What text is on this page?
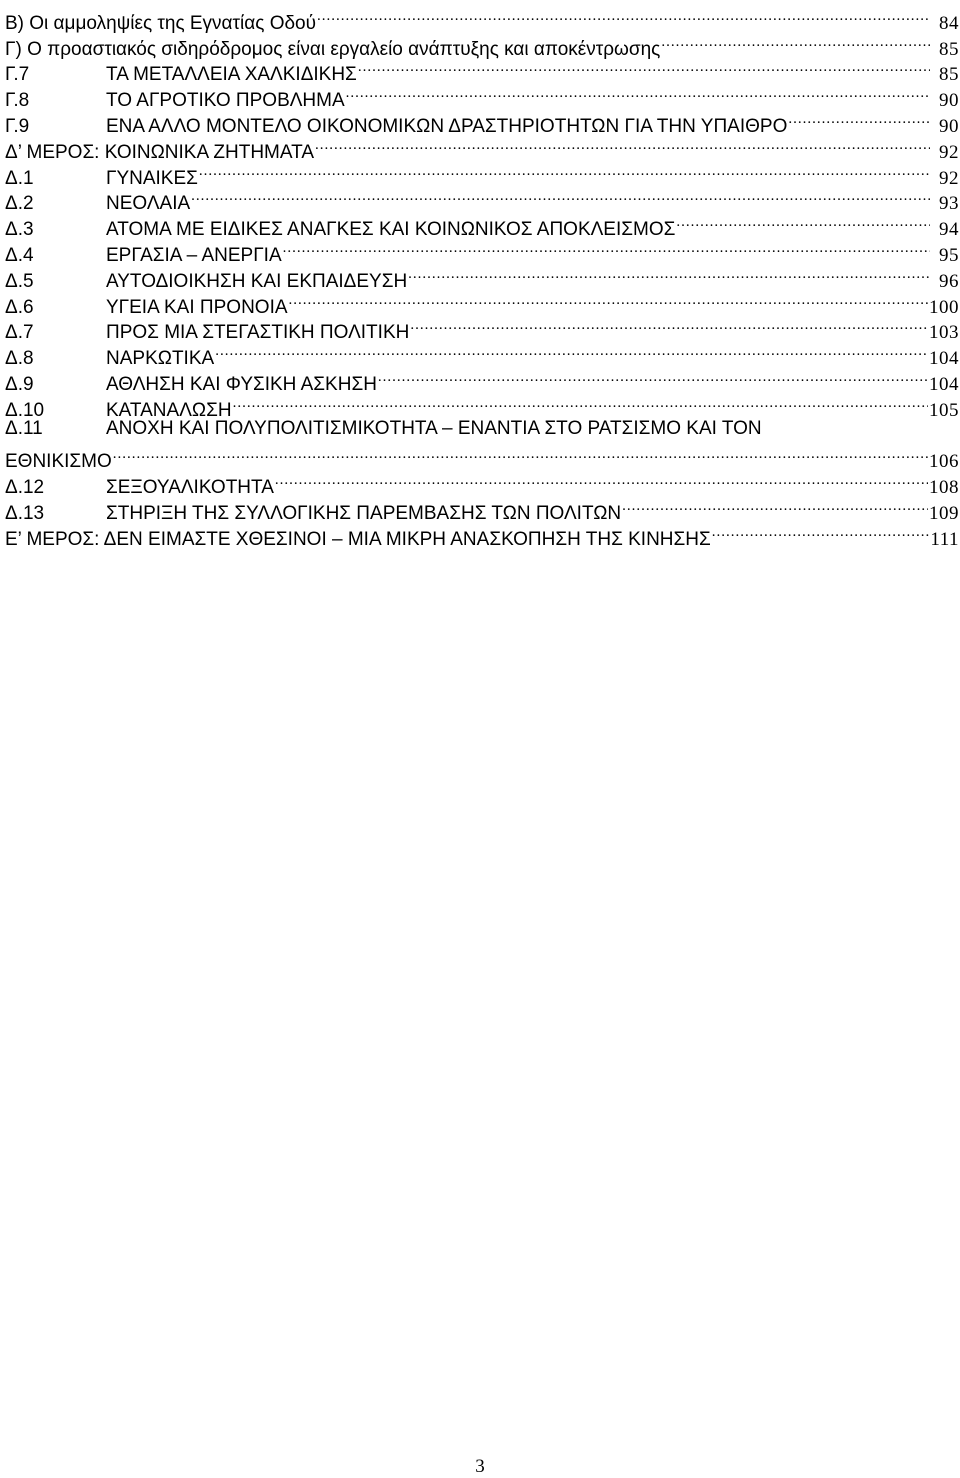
Β) Οι αμμοληψίες της Εγνατίας Οδού .....	84
Γ) Ο προαστιακός σιδηρόδρομος είναι εργαλείο ανάπτυξης και αποκέντρωσης .....	85
Γ.7	ΤΑ ΜΕΤΑΛΛΕΙΑ ΧΑΛΚΙΔΙΚΗΣ .....	85
Γ.8	ΤΟ ΑΓΡΟΤΙΚΟ ΠΡΟΒΛΗΜΑ .....	90
Γ.9	ΕΝΑ ΑΛΛΟ ΜΟΝΤΕΛΟ ΟΙΚΟΝΟΜΙΚΩΝ ΔΡΑΣΤΗΡΙΟΤΗΤΩΝ ΓΙΑ ΤΗΝ ΥΠΑΙΘΡΟ .....	90
Δ’ ΜΕΡΟΣ: ΚΟΙΝΩΝΙΚΑ ΖΗΤΗΜΑΤΑ .....	92
Δ.1	ΓΥΝΑΙΚΕΣ .....	92
Δ.2	ΝΕΟΛΑΙΑ .....	93
Δ.3	ΑΤΟΜΑ ΜΕ ΕΙΔΙΚΕΣ ΑΝΑΓΚΕΣ ΚΑΙ ΚΟΙΝΩΝΙΚΟΣ ΑΠΟΚΛΕΙΣΜΟΣ .....	94
Δ.4	ΕΡΓΑΣΙΑ – ΑΝΕΡΓΙΑ .....	95
Δ.5	ΑΥΤΟΔΙΟΙΚΗΣΗ ΚΑΙ ΕΚΠΑΙΔΕΥΣΗ .....	96
Δ.6	ΥΓΕΙΑ ΚΑΙ ΠΡΟΝΟΙΑ .....	100
Δ.7	ΠΡΟΣ ΜΙΑ ΣΤΕΓΑΣΤΙΚΗ ΠΟΛΙΤΙΚΗ .....	103
Δ.8	ΝΑΡΚΩΤΙΚΑ .....	104
Δ.9	ΑΘΛΗΣΗ ΚΑΙ ΦΥΣΙΚΗ ΑΣΚΗΣΗ .....	104
Δ.10	ΚΑΤΑΝΑΛΩΣΗ .....	105
Δ.11	ΑΝΟΧΗ ΚΑΙ ΠΟΛΥΠΟΛΙΤΙΣΜΙΚΟΤΗΤΑ – ΕΝΑΝΤΙΑ ΣΤΟ ΡΑΤΣΙΣΜΟ ΚΑΙ ΤΟΝ
ΕΘΝΙΚΙΣΜΟ .....	106
Δ.12	ΣΕΞΟΥΑΛΙΚΟΤΗΤΑ .....	108
Δ.13	ΣΤΗΡΙΞΗ ΤΗΣ ΣΥΛΛΟΓΙΚΗΣ ΠΑΡΕΜΒΑΣΗΣ ΤΩΝ ΠΟΛΙΤΩΝ .....	109
Ε’ ΜΕΡΟΣ: ΔΕΝ ΕΙΜΑΣΤΕ ΧΘΕΣΙΝΟΙ – ΜΙΑ ΜΙΚΡΗ ΑΝΑΣΚΟΠΗΣΗ ΤΗΣ ΚΙΝΗΣΗΣ .....	111
3
